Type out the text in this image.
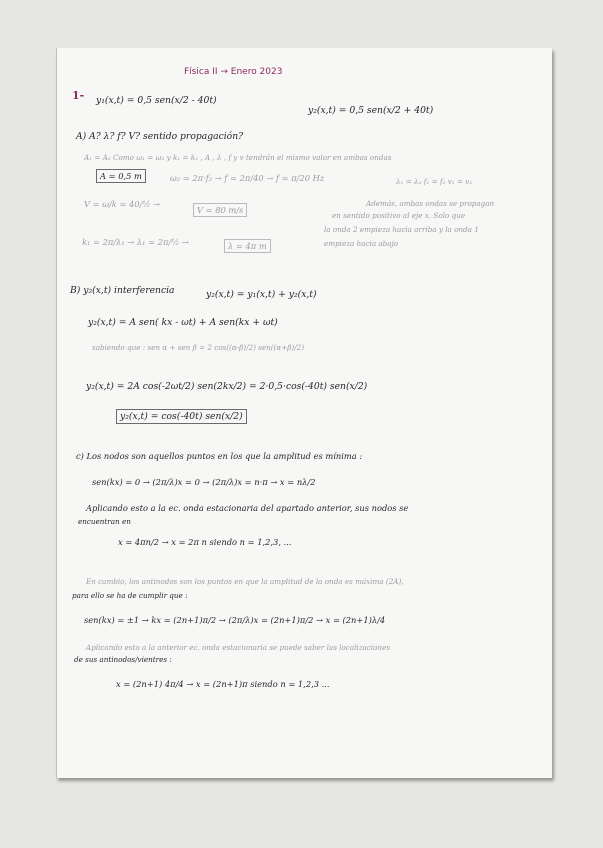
Física II → Enero 2023
1- y₁(x,t) = 0,5 sen(x/2 - 40t)
y₂(x,t) = 0,5 sen(x/2 + 40t)
A) A? λ? f? V? sentido propagación?
A₁ = A₂ Como ω₁ = ω₂ y k₁ = k₂ , A , λ , f y v tendrán el mismo valor en ambas ondas
A = 0,5 m	ω₂ = 2π·f₂ → f = 2π/40 → f = π/20 Hz	λ₁ = λ₂ f₁ = f₂ v₁ = v₂
V = ω/k = 40/½ →
V = 80 m/s
k₁ = 2π/λ₁ → λ₁ = 2π/½ →	λ = 4π m
Además, ambas ondas se propagan
en sentido positivo al eje x. Solo que
la onda 2 empieza hacia arriba y la onda 1
empieza hacia abajo
B) y₂(x,t) interferencia	y₂(x,t) = y₁(x,t) + y₂(x,t)
y₂(x,t) = A sen( kx - ωt) + A sen(kx + ωt)
sabiendo que : sen α + sen β = 2 cos((α-β)/2) sen((α+β)/2)
y₂(x,t) = 2A cos(-2ωt/2) sen(2kx/2) = 2·0,5·cos(-40t) sen(x/2)
y₂(x,t) = cos(-40t) sen(x/2)
c) Los nodos son aquellos puntos en los que la amplitud es mínima :
sen(kx) = 0 → (2π/λ)x = 0 → (2π/λ)x = n·π → x = nλ/2
Aplicando esto a la ec. onda estacionaria del apartado anterior, sus nodos se
encuentran en
x = 4πn/2 → x = 2π n siendo n = 1,2,3, ...
En cambio, los antinodos son los puntos en que la amplitud de la onda es máxima (2A),
para ello se ha de cumplir que :
sen(kx) = ±1 → kx = (2n+1)π/2 → (2π/λ)x = (2n+1)π/2 → x = (2n+1)λ/4
Aplicando esto a la anterior ec. onda estacionaria se puede saber las localizaciones
de sus antinodos/vientres :
x = (2n+1) 4π/4 → x = (2n+1)π siendo n = 1,2,3 ...
